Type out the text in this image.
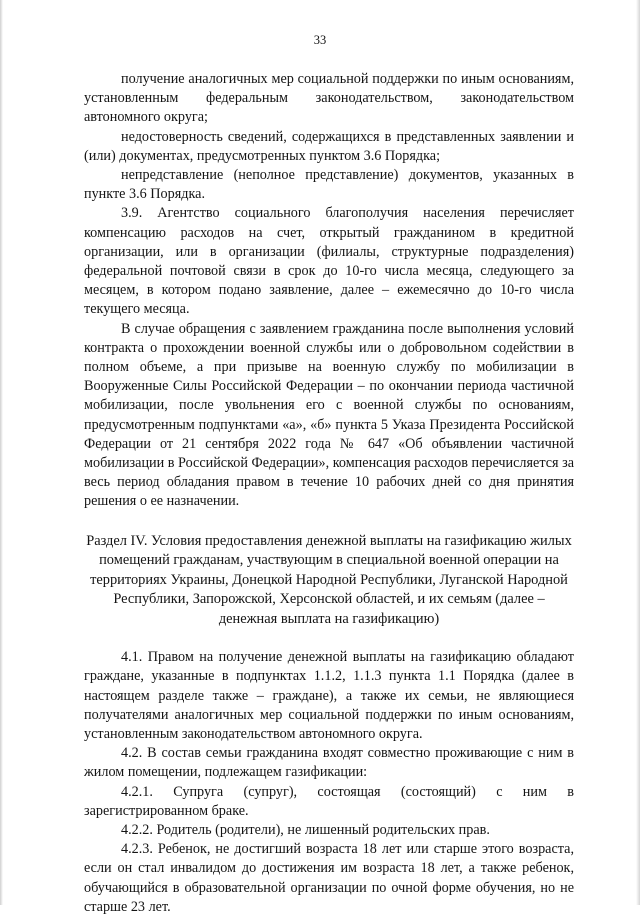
33

получение аналогичных мер социальной поддержки по иным основаниям, установленным федеральным законодательством, законодательством автономного округа;

недостоверность сведений, содержащихся в представленных заявлении и (или) документах, предусмотренных пунктом 3.6 Порядка;

непредставление (неполное представление) документов, указанных в пункте 3.6 Порядка.

3.9. Агентство социального благополучия населения перечисляет компенсацию расходов на счет, открытый гражданином в кредитной организации, или в организации (филиалы, структурные подразделения) федеральной почтовой связи в срок до 10-го числа месяца, следующего за месяцем, в котором подано заявление, далее – ежемесячно до 10-го числа текущего месяца.

В случае обращения с заявлением гражданина после выполнения условий контракта о прохождении военной службы или о добровольном содействии в полном объеме, а при призыве на военную службу по мобилизации в Вооруженные Силы Российской Федерации – по окончании периода частичной мобилизации, после увольнения его с военной службы по основаниям, предусмотренным подпунктами «а», «б» пункта 5 Указа Президента Российской Федерации от 21 сентября 2022 года № 647 «Об объявлении частичной мобилизации в Российской Федерации», компенсация расходов перечисляется за весь период обладания правом в течение 10 рабочих дней со дня принятия решения о ее назначении.

Раздел IV. Условия предоставления денежной выплаты на газификацию жилых помещений гражданам, участвующим в специальной военной операции на территориях Украины, Донецкой Народной Республики, Луганской Народной Республики, Запорожской, Херсонской областей, и их семьям (далее – денежная выплата на газификацию)

4.1. Правом на получение денежной выплаты на газификацию обладают граждане, указанные в подпунктах 1.1.2, 1.1.3 пункта 1.1 Порядка (далее в настоящем разделе также – граждане), а также их семьи, не являющиеся получателями аналогичных мер социальной поддержки по иным основаниям, установленным законодательством автономного округа.

4.2. В состав семьи гражданина входят совместно проживающие с ним в жилом помещении, подлежащем газификации:

4.2.1. Супруга (супруг), состоящая (состоящий) с ним в зарегистрированном браке.

4.2.2. Родитель (родители), не лишенный родительских прав.

4.2.3. Ребенок, не достигший возраста 18 лет или старше этого возраста, если он стал инвалидом до достижения им возраста 18 лет, а также ребенок, обучающийся в образовательной организации по очной форме обучения, но не старше 23 лет.
